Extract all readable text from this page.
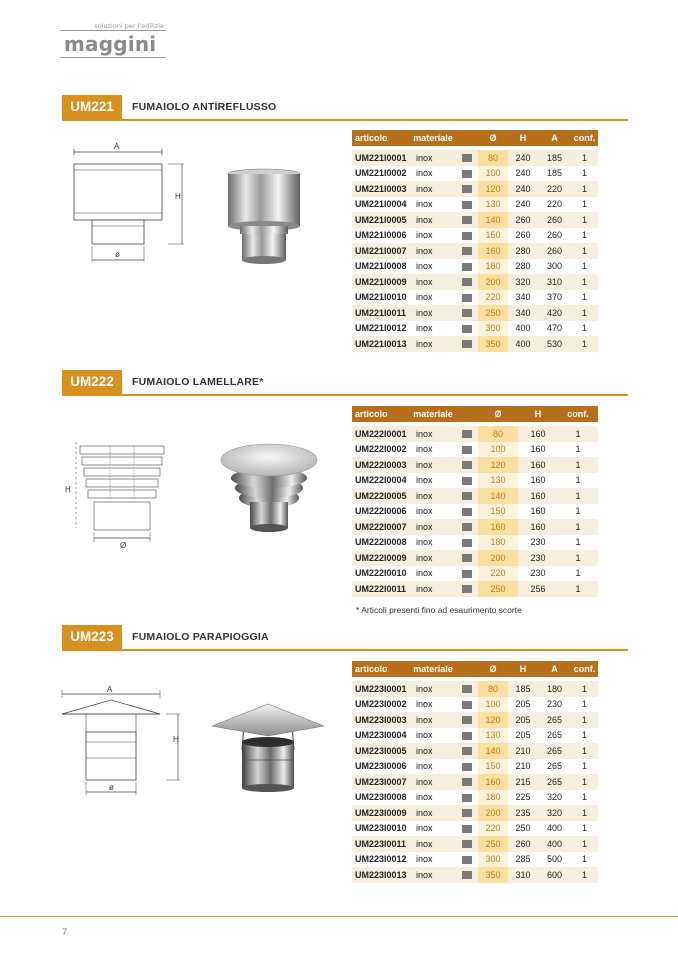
soluzioni per l'edilizia
maggini
UM221	FUMAIOLO ANTIREFLUSSO
A
H
ø
articolo	materiale		Ø	H	A	conf.

UM221I0001	inox		80	240	185	1
UM221I0002	inox		100	240	185	1
UM221I0003	inox		120	240	220	1
UM221I0004	inox		130	240	220	1
UM221I0005	inox		140	260	260	1
UM221I0006	inox		150	260	260	1
UM221I0007	inox		160	280	260	1
UM221I0008	inox		180	280	300	1
UM221I0009	inox		200	320	310	1
UM221I0010	inox		220	340	370	1
UM221I0011	inox		250	340	420	1
UM221I0012	inox		300	400	470	1
UM221I0013	inox		350	400	530	1
UM222	FUMAIOLO LAMELLARE*
H
Ø
articolo	materiale		Ø	H	conf.

UM222I0001	inox		80	160	1
UM222I0002	inox		100	160	1
UM222I0003	inox		120	160	1
UM222I0004	inox		130	160	1
UM222I0005	inox		140	160	1
UM222I0006	inox		150	160	1
UM222I0007	inox		160	160	1
UM222I0008	inox		180	230	1
UM222I0009	inox		200	230	1
UM222I0010	inox		220	230	1
UM222I0011	inox		250	256	1
* Articoli presenti fino ad esaurimento scorte
UM223	FUMAIOLO PARAPIOGGIA
A
H
ø
articolo	materiale		Ø	H	A	conf.

UM223I0001	inox		80	185	180	1
UM223I0002	inox		100	205	230	1
UM223I0003	inox		120	205	265	1
UM223I0004	inox		130	205	265	1
UM223I0005	inox		140	210	265	1
UM223I0006	inox		150	210	265	1
UM223I0007	inox		160	215	265	1
UM223I0008	inox		180	225	320	1
UM223I0009	inox		200	235	320	1
UM223I0010	inox		220	250	400	1
UM223I0011	inox		250	260	400	1
UM223I0012	inox		300	285	500	1
UM223I0013	inox		350	310	600	1
7
